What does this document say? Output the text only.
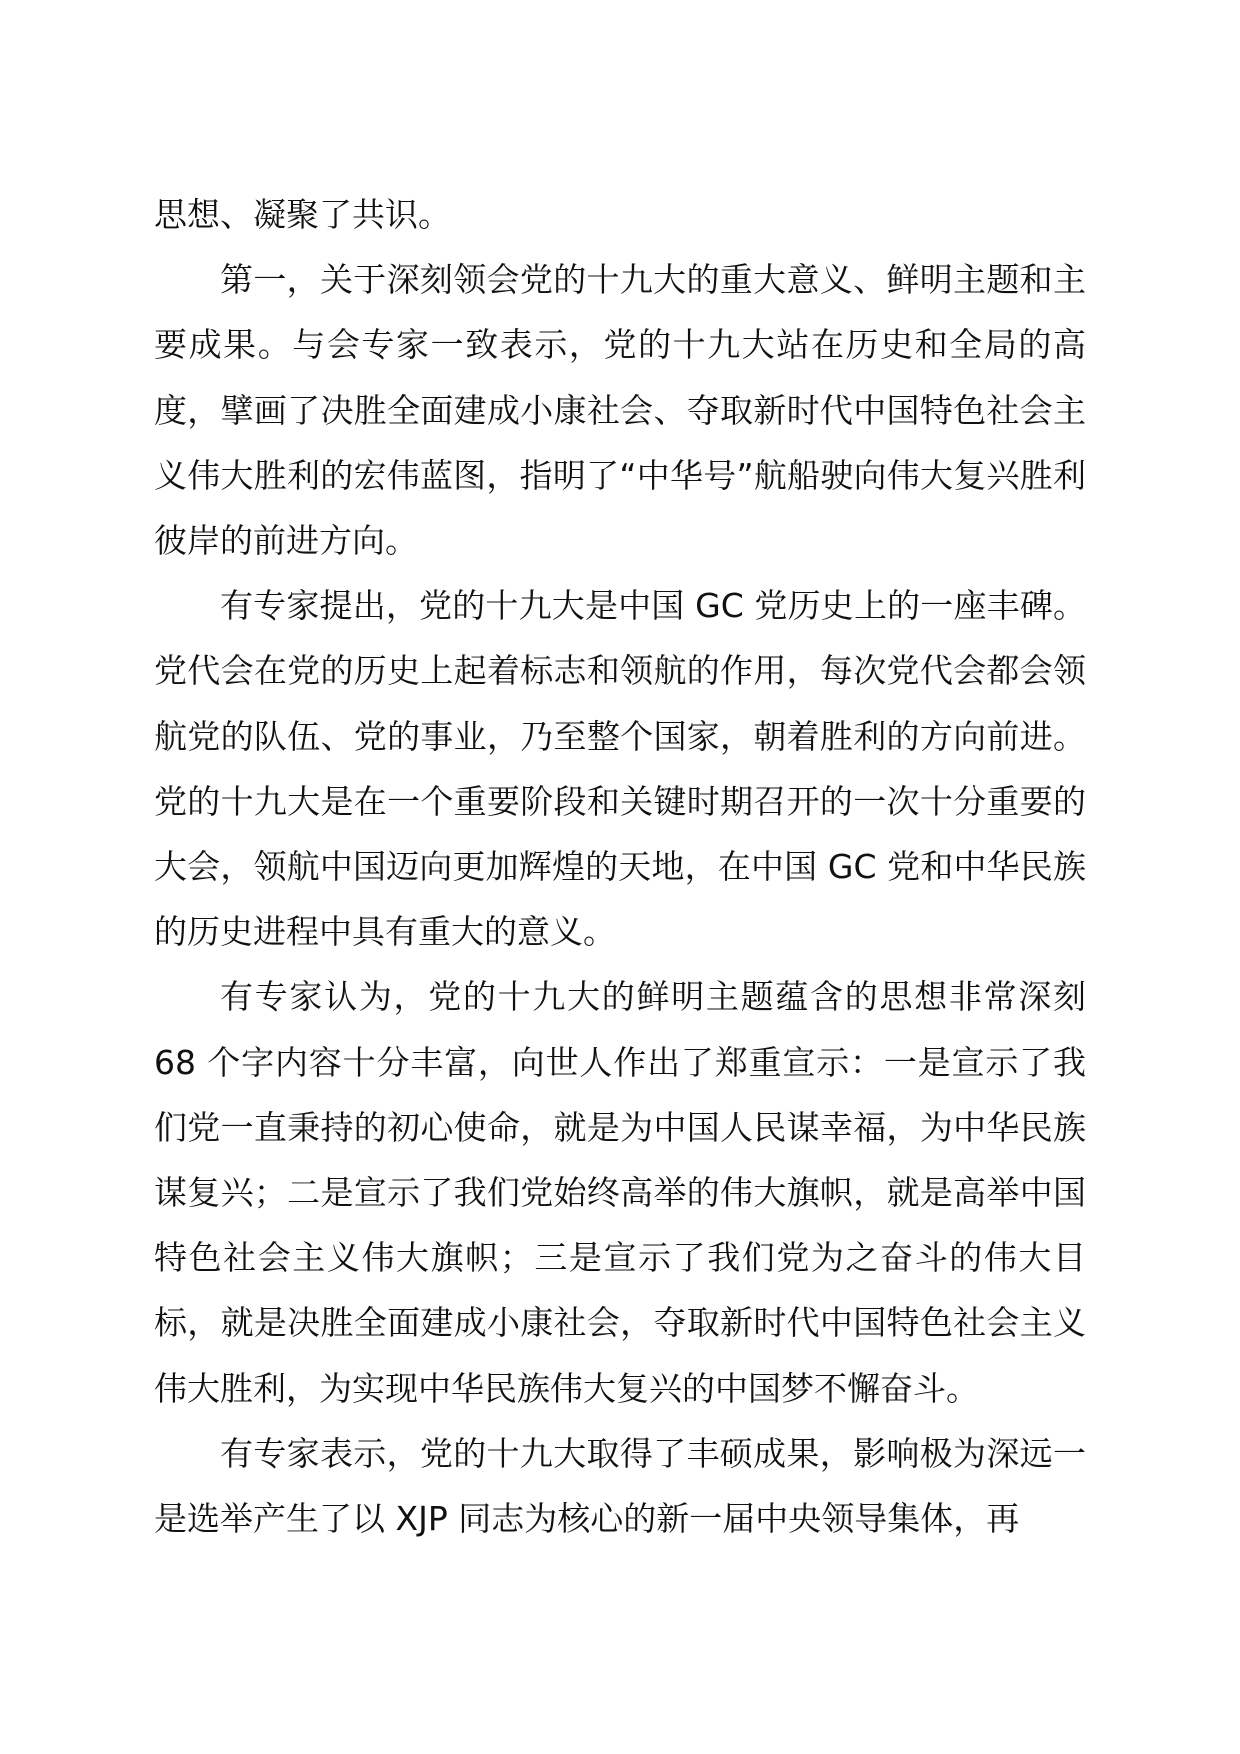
思想、凝聚了共识。

第一，关于深刻领会党的十九大的重大意义、鲜明主题和主要成果。与会专家一致表示，党的十九大站在历史和全局的高度，擘画了决胜全面建成小康社会、夺取新时代中国特色社会主义伟大胜利的宏伟蓝图，指明了“中华号”航船驶向伟大复兴胜利彼岸的前进方向。

有专家提出，党的十九大是中国 GC 党历史上的一座丰碑。党代会在党的历史上起着标志和领航的作用，每次党代会都会领航党的队伍、党的事业，乃至整个国家，朝着胜利的方向前进。党的十九大是在一个重要阶段和关键时期召开的一次十分重要的大会，领航中国迈向更加辉煌的天地，在中国 GC 党和中华民族的历史进程中具有重大的意义。

有专家认为，党的十九大的鲜明主题蕴含的思想非常深刻68 个字内容十分丰富，向世人作出了郑重宣示：一是宣示了我们党一直秉持的初心使命，就是为中国人民谋幸福，为中华民族谋复兴；二是宣示了我们党始终高举的伟大旗帜，就是高举中国特色社会主义伟大旗帜；三是宣示了我们党为之奋斗的伟大目标，就是决胜全面建成小康社会，夺取新时代中国特色社会主义伟大胜利，为实现中华民族伟大复兴的中国梦不懈奋斗。

有专家表示，党的十九大取得了丰硕成果，影响极为深远一是选举产生了以 XJP 同志为核心的新一届中央领导集体，再
